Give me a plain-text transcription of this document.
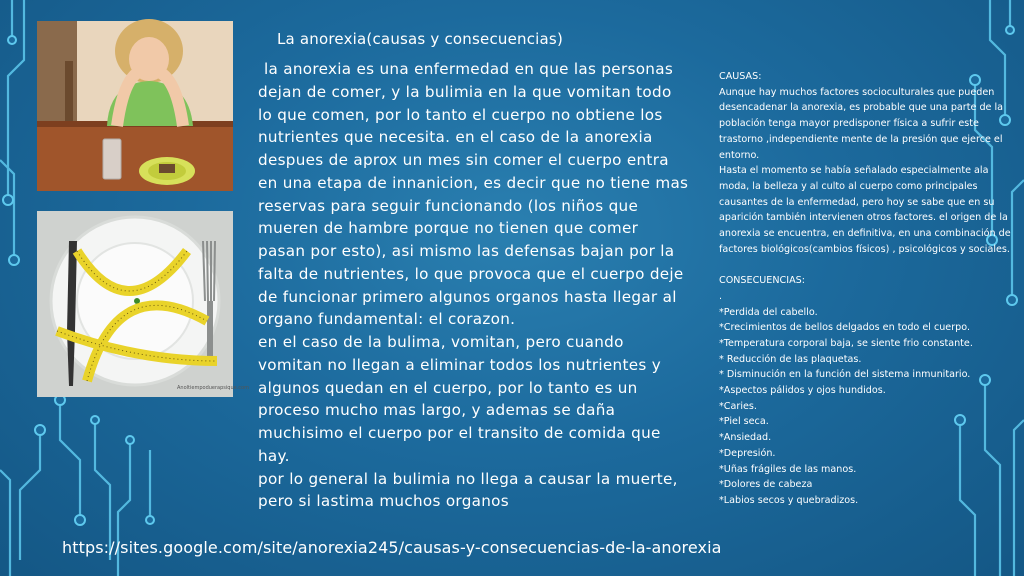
Anoltiempoduerapsique.com
La anorexia(causas y consecuencias)

la anorexia es una enfermedad en que las personas dejan de comer, y la bulimia en la que vomitan todo lo que comen, por lo tanto el cuerpo no obtiene los nutrientes que necesita. en el caso de la anorexia despues de aprox un mes sin comer el cuerpo entra en una etapa de innanicion, es decir que no tiene mas reservas para seguir funcionando (los niños que mueren de hambre porque no tienen que comer pasan por esto), asi mismo las defensas bajan por la falta de nutrientes, lo que provoca que el cuerpo deje de funcionar primero algunos organos hasta llegar al organo fundamental: el corazon.

en el caso de la bulima, vomitan, pero cuando vomitan no llegan a eliminar todos los nutrientes y algunos quedan en el cuerpo, por lo tanto es un proceso mucho mas largo, y ademas se daña muchisimo el cuerpo por el transito de comida que hay.

por lo general la bulimia no llega a causar la muerte, pero si lastima muchos organos

CAUSAS:

Aunque hay muchos factores socioculturales que pueden desencadenar la anorexia, es probable que una parte de la población tenga mayor predisponer física a sufrir este trastorno ,independiente mente de la presión que ejerce el entorno.

Hasta el momento se había señalado especialmente ala moda, la belleza y al culto al cuerpo como principales causantes de la enfermedad, pero hoy se sabe que en su aparición también intervienen otros factores. el origen de la anorexia se encuentra, en definitiva, en una combinación de factores biológicos(cambios físicos) , psicológicos y sociales.

CONSECUENCIAS:

.

*Perdida del cabello.
*Crecimientos de bellos delgados en todo el cuerpo.
*Temperatura corporal baja, se siente frio constante.
* Reducción de las plaquetas.
* Disminución en la función del sistema inmunitario.
*Aspectos pálidos y ojos hundidos.
*Caries.
*Piel seca.
*Ansiedad.
*Depresión.
*Uñas frágiles de las manos.
*Dolores de cabeza
*Labios secos y quebradizos.
https://sites.google.com/site/anorexia245/causas-y-consecuencias-de-la-anorexia
